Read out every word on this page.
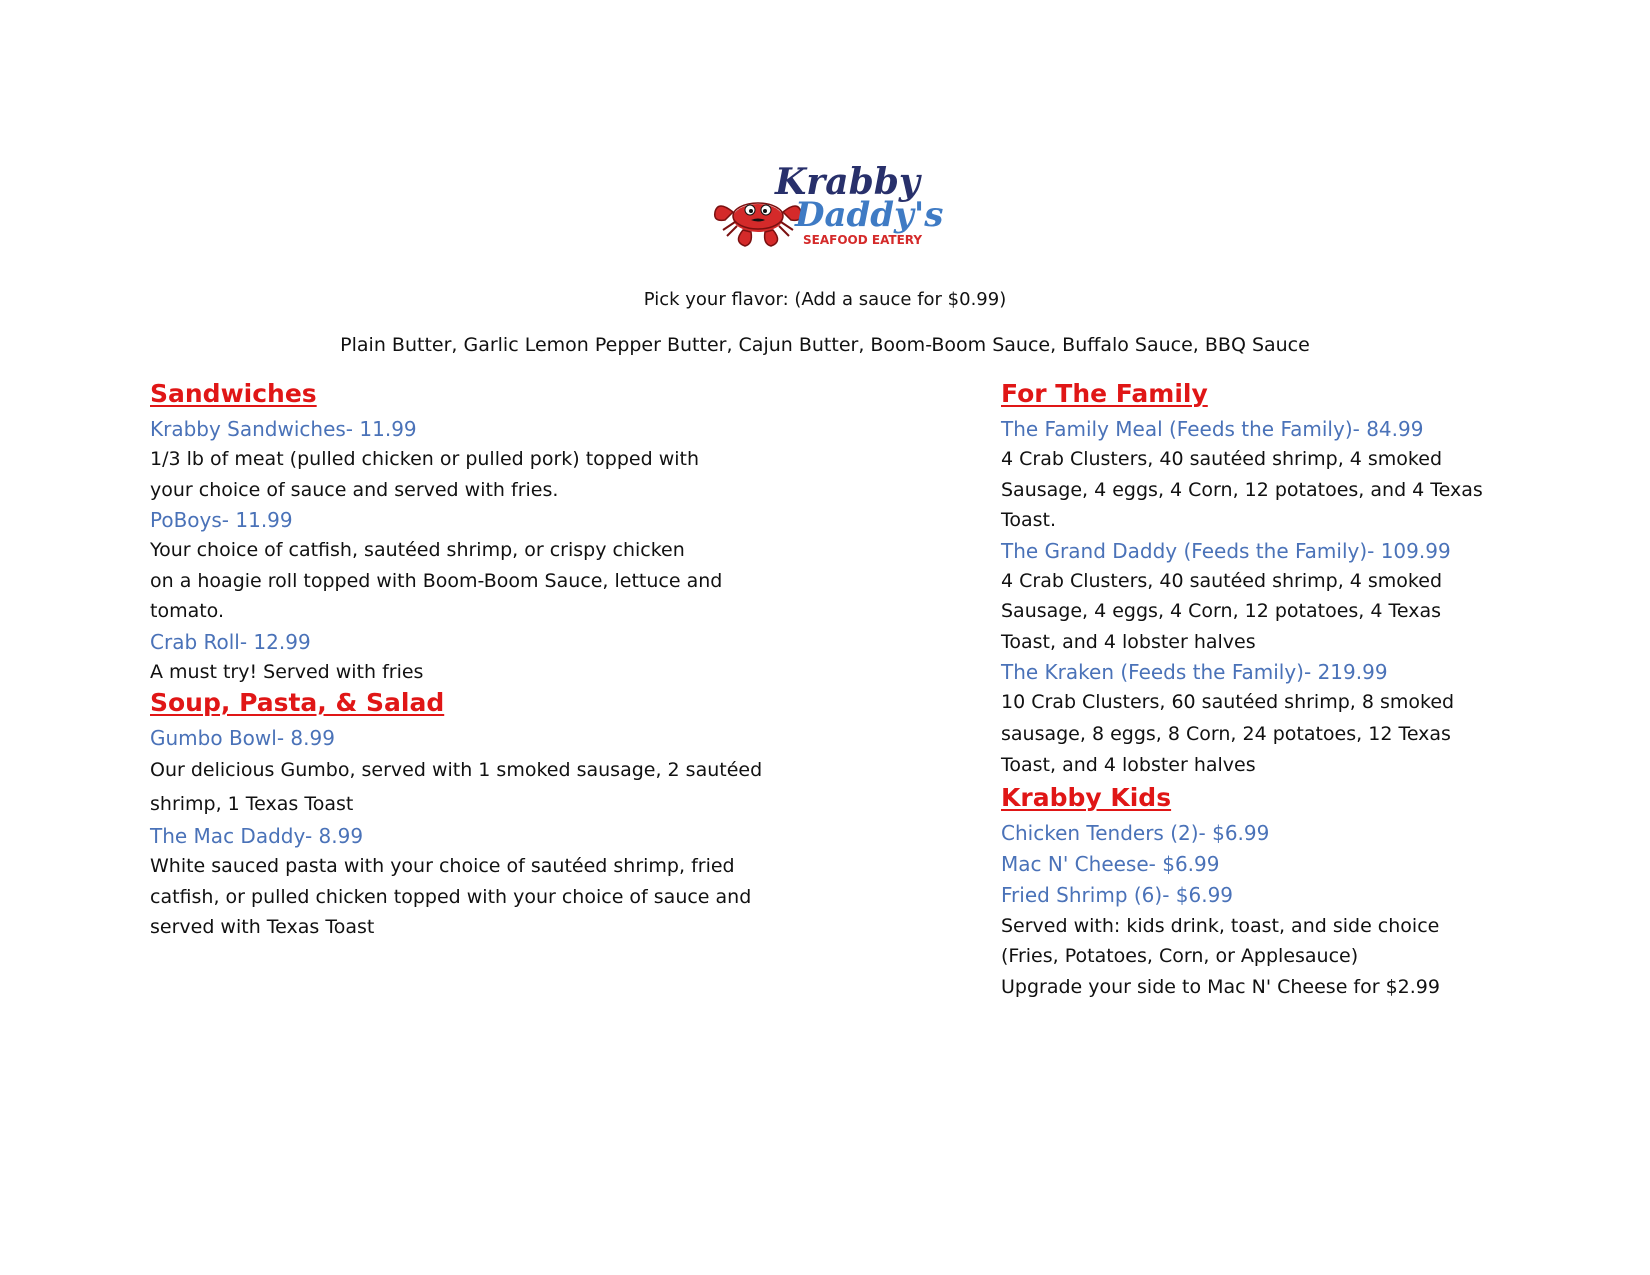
Krabby
Daddy's
SEAFOOD EATERY
Pick your flavor: (Add a sauce for $0.99)
Plain Butter, Garlic Lemon Pepper Butter, Cajun Butter, Boom-Boom Sauce, Buffalo Sauce, BBQ Sauce
Sandwiches

Krabby Sandwiches- 11.99

1/3 lb of meat (pulled chicken or pulled pork) topped with

your choice of sauce and served with fries.

PoBoys- 11.99

Your choice of catfish, sautéed shrimp, or crispy chicken

on a hoagie roll topped with Boom-Boom Sauce, lettuce and

tomato.

Crab Roll- 12.99

A must try! Served with fries

Soup, Pasta, & Salad

Gumbo Bowl- 8.99

Our delicious Gumbo, served with 1 smoked sausage, 2 sautéed

shrimp, 1 Texas Toast

The Mac Daddy- 8.99

White sauced pasta with your choice of sautéed shrimp, fried

catfish, or pulled chicken topped with your choice of sauce and

served with Texas Toast

For The Family

The Family Meal (Feeds the Family)- 84.99

4 Crab Clusters, 40 sautéed shrimp, 4 smoked

Sausage, 4 eggs, 4 Corn, 12 potatoes, and 4 Texas

Toast.

The Grand Daddy (Feeds the Family)- 109.99

4 Crab Clusters, 40 sautéed shrimp, 4 smoked

Sausage, 4 eggs, 4 Corn, 12 potatoes, 4 Texas

Toast, and 4 lobster halves

The Kraken (Feeds the Family)- 219.99

10 Crab Clusters, 60 sautéed shrimp, 8 smoked

sausage, 8 eggs, 8 Corn, 24 potatoes, 12 Texas

Toast, and 4 lobster halves

Krabby Kids

Chicken Tenders (2)- $6.99

Mac N' Cheese- $6.99

Fried Shrimp (6)- $6.99

Served with: kids drink, toast, and side choice

(Fries, Potatoes, Corn, or Applesauce)

Upgrade your side to Mac N' Cheese for $2.99
